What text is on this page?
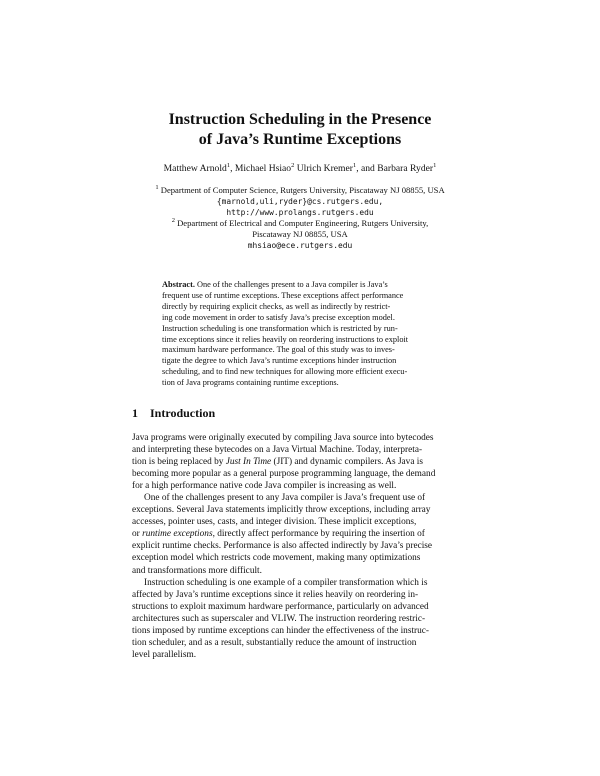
Instruction Scheduling in the Presence
of Java’s Runtime Exceptions
Matthew Arnold$^1$, Michael Hsiao$^2$ Ulrich Kremer$^1$, and Barbara Ryder$^1$
$^1$ Department of Computer Science, Rutgers University, Piscataway NJ 08855, USA
{marnold,uli,ryder}@cs.rutgers.edu,
http://www.prolangs.rutgers.edu
$^2$ Department of Electrical and Computer Engineering, Rutgers University,
Piscataway NJ 08855, USA
mhsiao@ece.rutgers.edu
Abstract. One of the challenges present to a Java compiler is Java’s
frequent use of runtime exceptions. These exceptions affect performance
directly by requiring explicit checks, as well as indirectly by restrict-
ing code movement in order to satisfy Java’s precise exception model.
Instruction scheduling is one transformation which is restricted by run-
time exceptions since it relies heavily on reordering instructions to exploit
maximum hardware performance. The goal of this study was to inves-
tigate the degree to which Java’s runtime exceptions hinder instruction
scheduling, and to find new techniques for allowing more efficient execu-
tion of Java programs containing runtime exceptions.
1 Introduction
Java programs were originally executed by compiling Java source into bytecodes
and interpreting these bytecodes on a Java Virtual Machine. Today, interpreta-
tion is being replaced by Just In Time (JIT) and dynamic compilers. As Java is
becoming more popular as a general purpose programming language, the demand
for a high performance native code Java compiler is increasing as well.
One of the challenges present to any Java compiler is Java’s frequent use of
exceptions. Several Java statements implicitly throw exceptions, including array
accesses, pointer uses, casts, and integer division. These implicit exceptions,
or runtime exceptions, directly affect performance by requiring the insertion of
explicit runtime checks. Performance is also affected indirectly by Java’s precise
exception model which restricts code movement, making many optimizations
and transformations more difficult.
Instruction scheduling is one example of a compiler transformation which is
affected by Java’s runtime exceptions since it relies heavily on reordering in-
structions to exploit maximum hardware performance, particularly on advanced
architectures such as superscaler and VLIW. The instruction reordering restric-
tions imposed by runtime exceptions can hinder the effectiveness of the instruc-
tion scheduler, and as a result, substantially reduce the amount of instruction
level parallelism.
